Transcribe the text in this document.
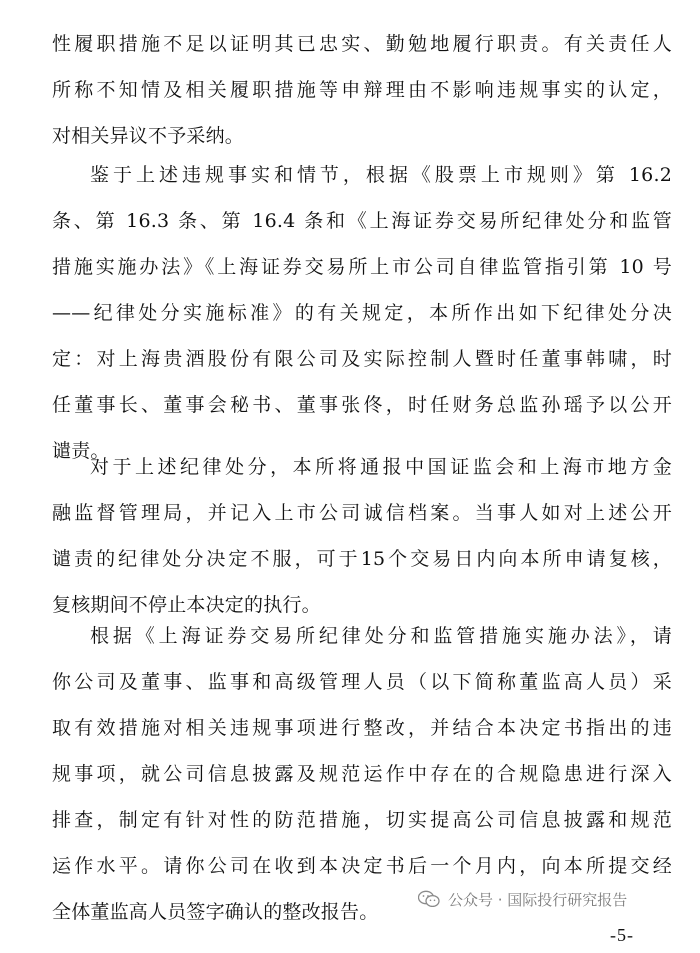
性履职措施不足以证明其已忠实、勤勉地履行职责。有关责任人
所称不知情及相关履职措施等申辩理由不影响违规事实的认定，
对相关异议不予采纳。
鉴于上述违规事实和情节，根据《股票上市规则》第 16.2
条、第 16.3 条、第 16.4 条和《上海证券交易所纪律处分和监管
措施实施办法》《上海证券交易所上市公司自律监管指引第 10 号
——纪律处分实施标准》的有关规定，本所作出如下纪律处分决
定：对上海贵酒股份有限公司及实际控制人暨时任董事韩啸，时
任董事长、董事会秘书、董事张佟，时任财务总监孙瑶予以公开
谴责。
对于上述纪律处分，本所将通报中国证监会和上海市地方金
融监督管理局，并记入上市公司诚信档案。当事人如对上述公开
谴责的纪律处分决定不服，可于15个交易日内向本所申请复核，
复核期间不停止本决定的执行。
根据《上海证券交易所纪律处分和监管措施实施办法》，请
你公司及董事、监事和高级管理人员（以下简称董监高人员）采
取有效措施对相关违规事项进行整改，并结合本决定书指出的违
规事项，就公司信息披露及规范运作中存在的合规隐患进行深入
排查，制定有针对性的防范措施，切实提高公司信息披露和规范
运作水平。请你公司在收到本决定书后一个月内，向本所提交经
全体董监高人员签字确认的整改报告。
公众号 · 国际投行研究报告
-5-
